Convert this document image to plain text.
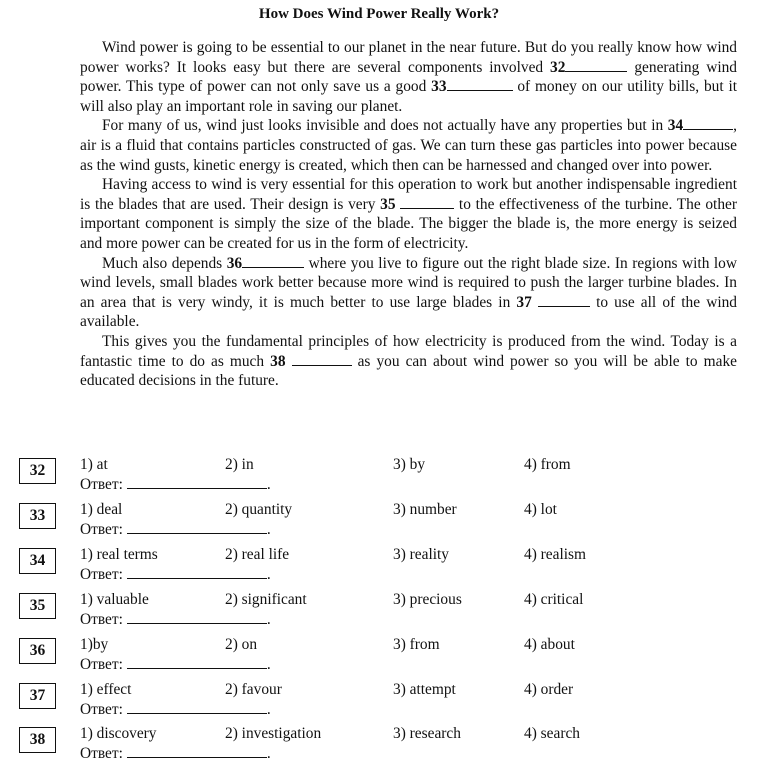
How Does Wind Power Really Work?

Wind power is going to be essential to our planet in the near future. But do you really know how wind power works? It looks easy but there are several components involved 32	generating wind power. This type of power can not only save us a good 33	of money on our utility bills, but it will also play an important role in saving our planet.

For many of us, wind just looks invisible and does not actually have any properties but in 34	, air is a fluid that contains particles constructed of gas. We can turn these gas particles into power because as the wind gusts, kinetic energy is created, which then can be harnessed and changed over into power.

Having access to wind is very essential for this operation to work but another indispensable ingredient is the blades that are used. Their design is very 35	to the effectiveness of the turbine. The other important component is simply the size of the blade. The bigger the blade is, the more energy is seized and more power can be created for us in the form of electricity.

Much also depends 36	where you live to figure out the right blade size. In regions with low wind levels, small blades work better because more wind is required to push the larger turbine blades. In an area that is very windy, it is much better to use large blades in 37	to use all of the wind available.

This gives you the fundamental principles of how electricity is produced from the wind. Today is a fantastic time to do as much 38	as you can about wind power so you will be able to make educated decisions in the future.

32	1) at	2) in	3) by	4) from
Ответ:	.
33	1) deal	2) quantity	3) number	4) lot
Ответ:	.
34	1) real terms	2) real life	3) reality	4) realism
Ответ:	.
35	1) valuable	2) significant	3) precious	4) critical
Ответ:	.
36	1)by	2) on	3) from	4) about
Ответ:	.
37	1) effect	2) favour	3) attempt	4) order
Ответ:	.
38	1) discovery	2) investigation	3) research	4) search
Ответ:	.
